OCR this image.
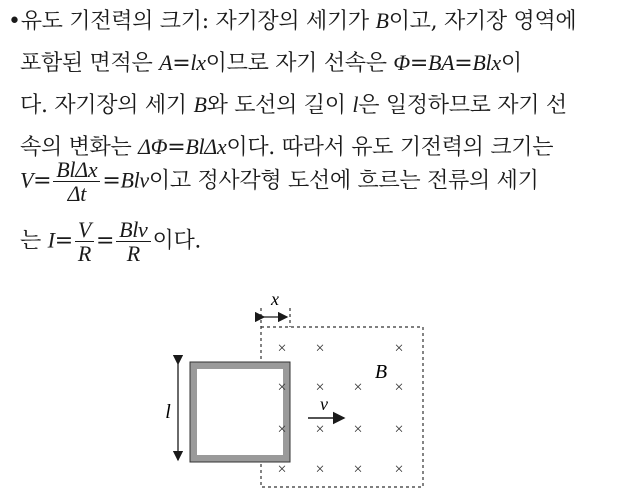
•유도 기전력의 크기: 자기장의 세기가 B이고, 자기장 영역에
포함된 면적은 A=lx이므로 자기 선속은 Φ=BA=Blx이
다. 자기장의 세기 B와 도선의 길이 l은 일정하므로 자기 선
속의 변화는 ΔΦ=BlΔx이다. 따라서 유도 기전력의 크기는
$V= \frac{\text{BlΔx}}{\Delta t} =Blv$이고 정사각형 도선에 흐르는 전류의 세기
는 $I= \frac{V}{R} = \frac{\text{Blv}}{R}$ 이다.
x
l
B
v
× ×	×
× × × ×
× × × ×
× × × ×
